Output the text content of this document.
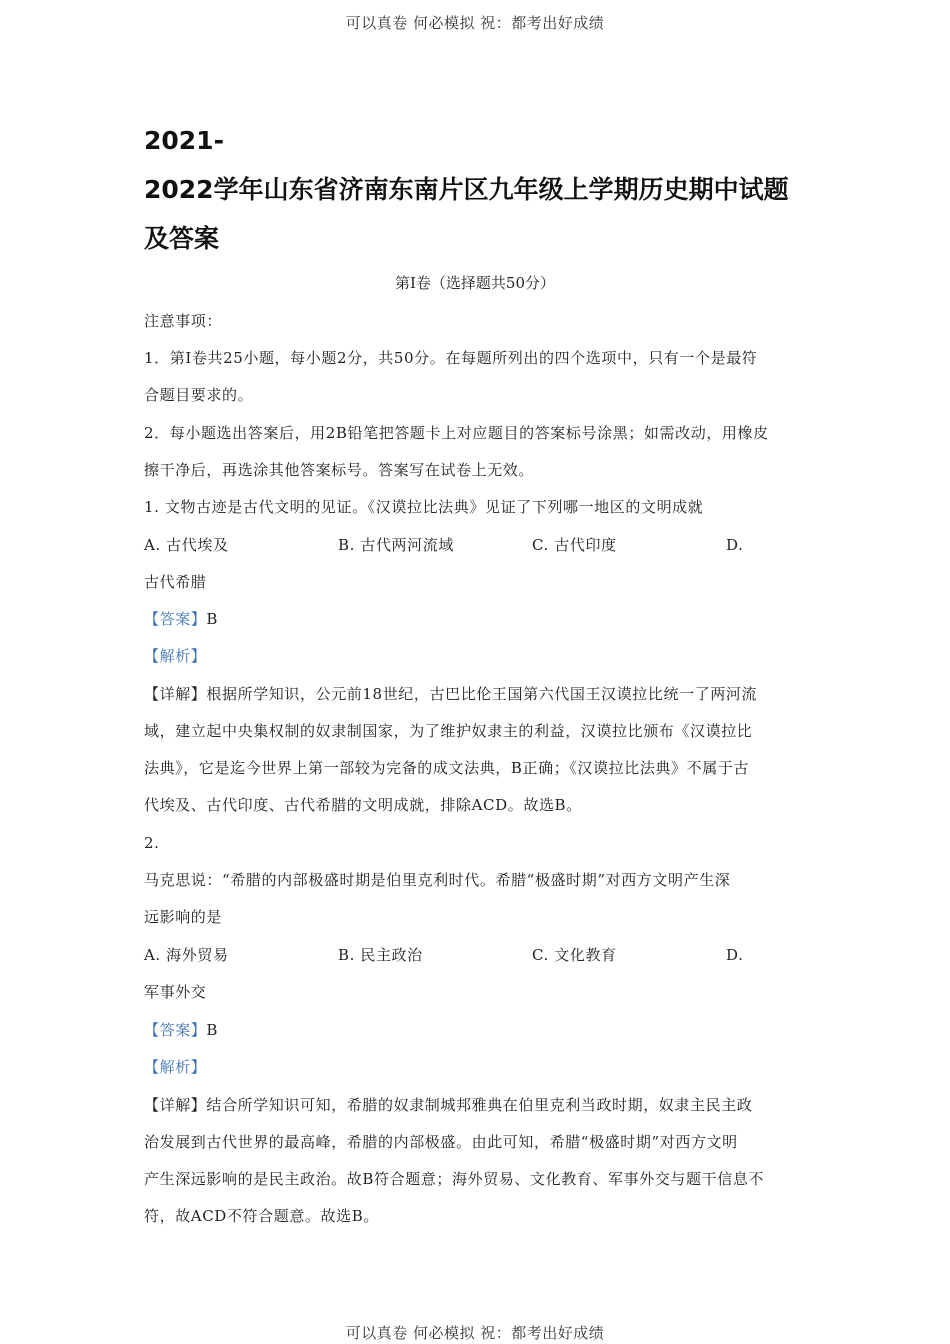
可以真卷 何必模拟 祝：都考出好成绩
2021-
2022学年山东省济南东南片区九年级上学期历史期中试题
及答案
第Ⅰ卷（选择题共50分）
注意事项：
1．第Ⅰ卷共25小题，每小题2分，共50分。在每题所列出的四个选项中，只有一个是最符
合题目要求的。
2．每小题选出答案后，用2B铅笔把答题卡上对应题目的答案标号涂黑；如需改动，用橡皮
擦干净后，再选涂其他答案标号。答案写在试卷上无效。
1. 文物古迹是古代文明的见证。《汉谟拉比法典》见证了下列哪一地区的文明成就
A. 古代埃及	B. 古代两河流域	C. 古代印度	D.
古代希腊
【答案】B
【解析】
【详解】根据所学知识，公元前18世纪，古巴比伦王国第六代国王汉谟拉比统一了两河流
域，建立起中央集权制的奴隶制国家，为了维护奴隶主的利益，汉谟拉比颁布《汉谟拉比
法典》，它是迄今世界上第一部较为完备的成文法典，B正确；《汉谟拉比法典》不属于古
代埃及、古代印度、古代希腊的文明成就，排除ACD。故选B。
2.
马克思说：“希腊的内部极盛时期是伯里克利时代。希腊“极盛时期”对西方文明产生深
远影响的是
A. 海外贸易	B. 民主政治	C. 文化教育	D.
军事外交
【答案】B
【解析】
【详解】结合所学知识可知，希腊的奴隶制城邦雅典在伯里克利当政时期，奴隶主民主政
治发展到古代世界的最高峰，希腊的内部极盛。由此可知，希腊“极盛时期”对西方文明
产生深远影响的是民主政治。故B符合题意；海外贸易、文化教育、军事外交与题干信息不
符，故ACD不符合题意。故选B。
可以真卷 何必模拟 祝：都考出好成绩
